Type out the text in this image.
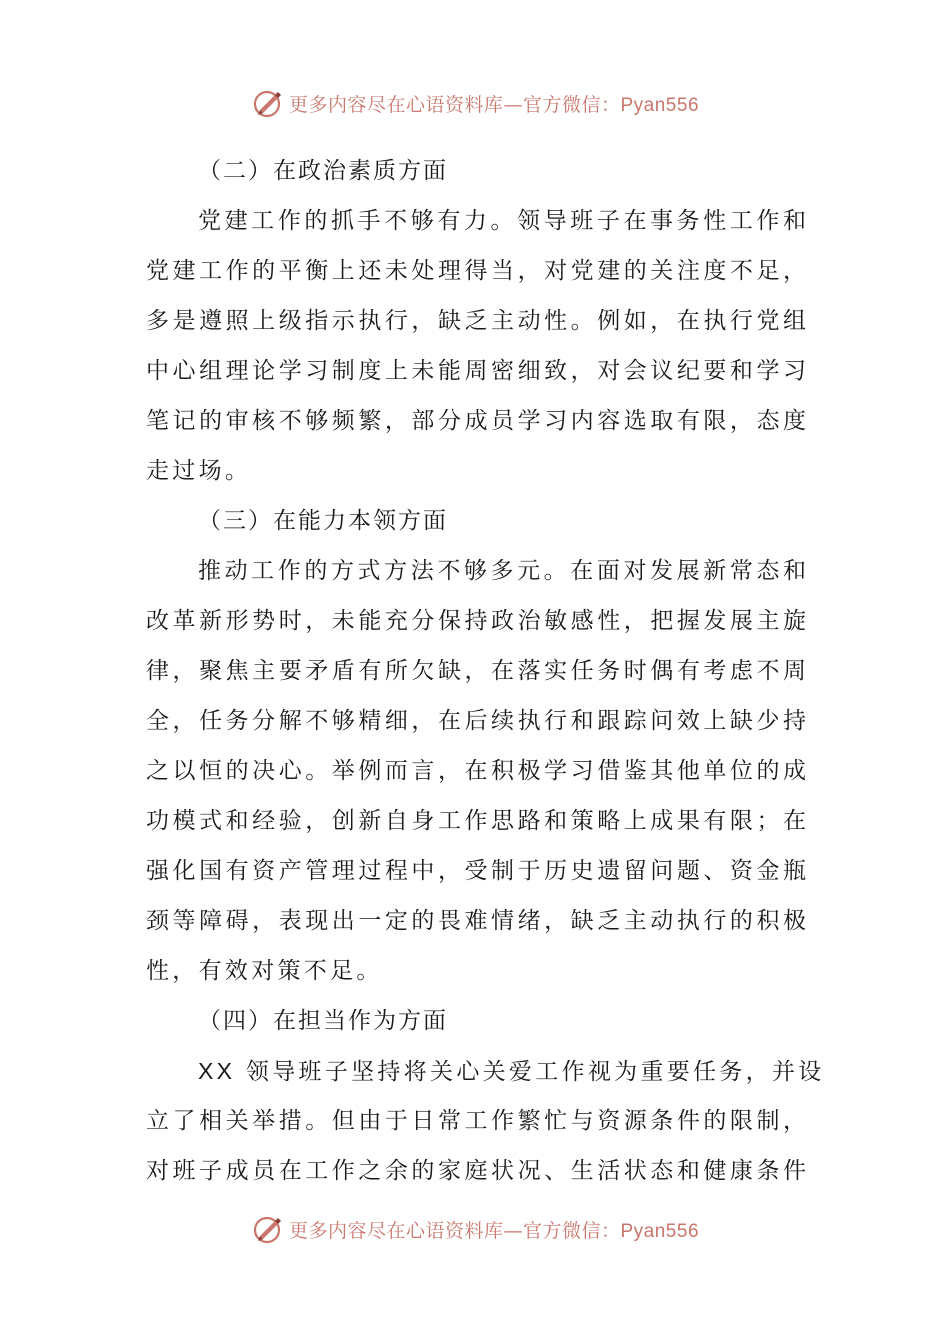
更多内容尽在心语资料库—官方微信：Pyan556
（二）在政治素质方面
党建工作的抓手不够有力。领导班子在事务性工作和
党建工作的平衡上还未处理得当，对党建的关注度不足，
多是遵照上级指示执行，缺乏主动性。例如，在执行党组
中心组理论学习制度上未能周密细致，对会议纪要和学习
笔记的审核不够频繁，部分成员学习内容选取有限，态度
走过场。
（三）在能力本领方面
推动工作的方式方法不够多元。在面对发展新常态和
改革新形势时，未能充分保持政治敏感性，把握发展主旋
律，聚焦主要矛盾有所欠缺，在落实任务时偶有考虑不周
全，任务分解不够精细，在后续执行和跟踪问效上缺少持
之以恒的决心。举例而言，在积极学习借鉴其他单位的成
功模式和经验，创新自身工作思路和策略上成果有限；在
强化国有资产管理过程中，受制于历史遗留问题、资金瓶
颈等障碍，表现出一定的畏难情绪，缺乏主动执行的积极
性，有效对策不足。
（四）在担当作为方面
XX 领导班子坚持将关心关爱工作视为重要任务，并设
立了相关举措。但由于日常工作繁忙与资源条件的限制，
对班子成员在工作之余的家庭状况、生活状态和健康条件
更多内容尽在心语资料库—官方微信：Pyan556
